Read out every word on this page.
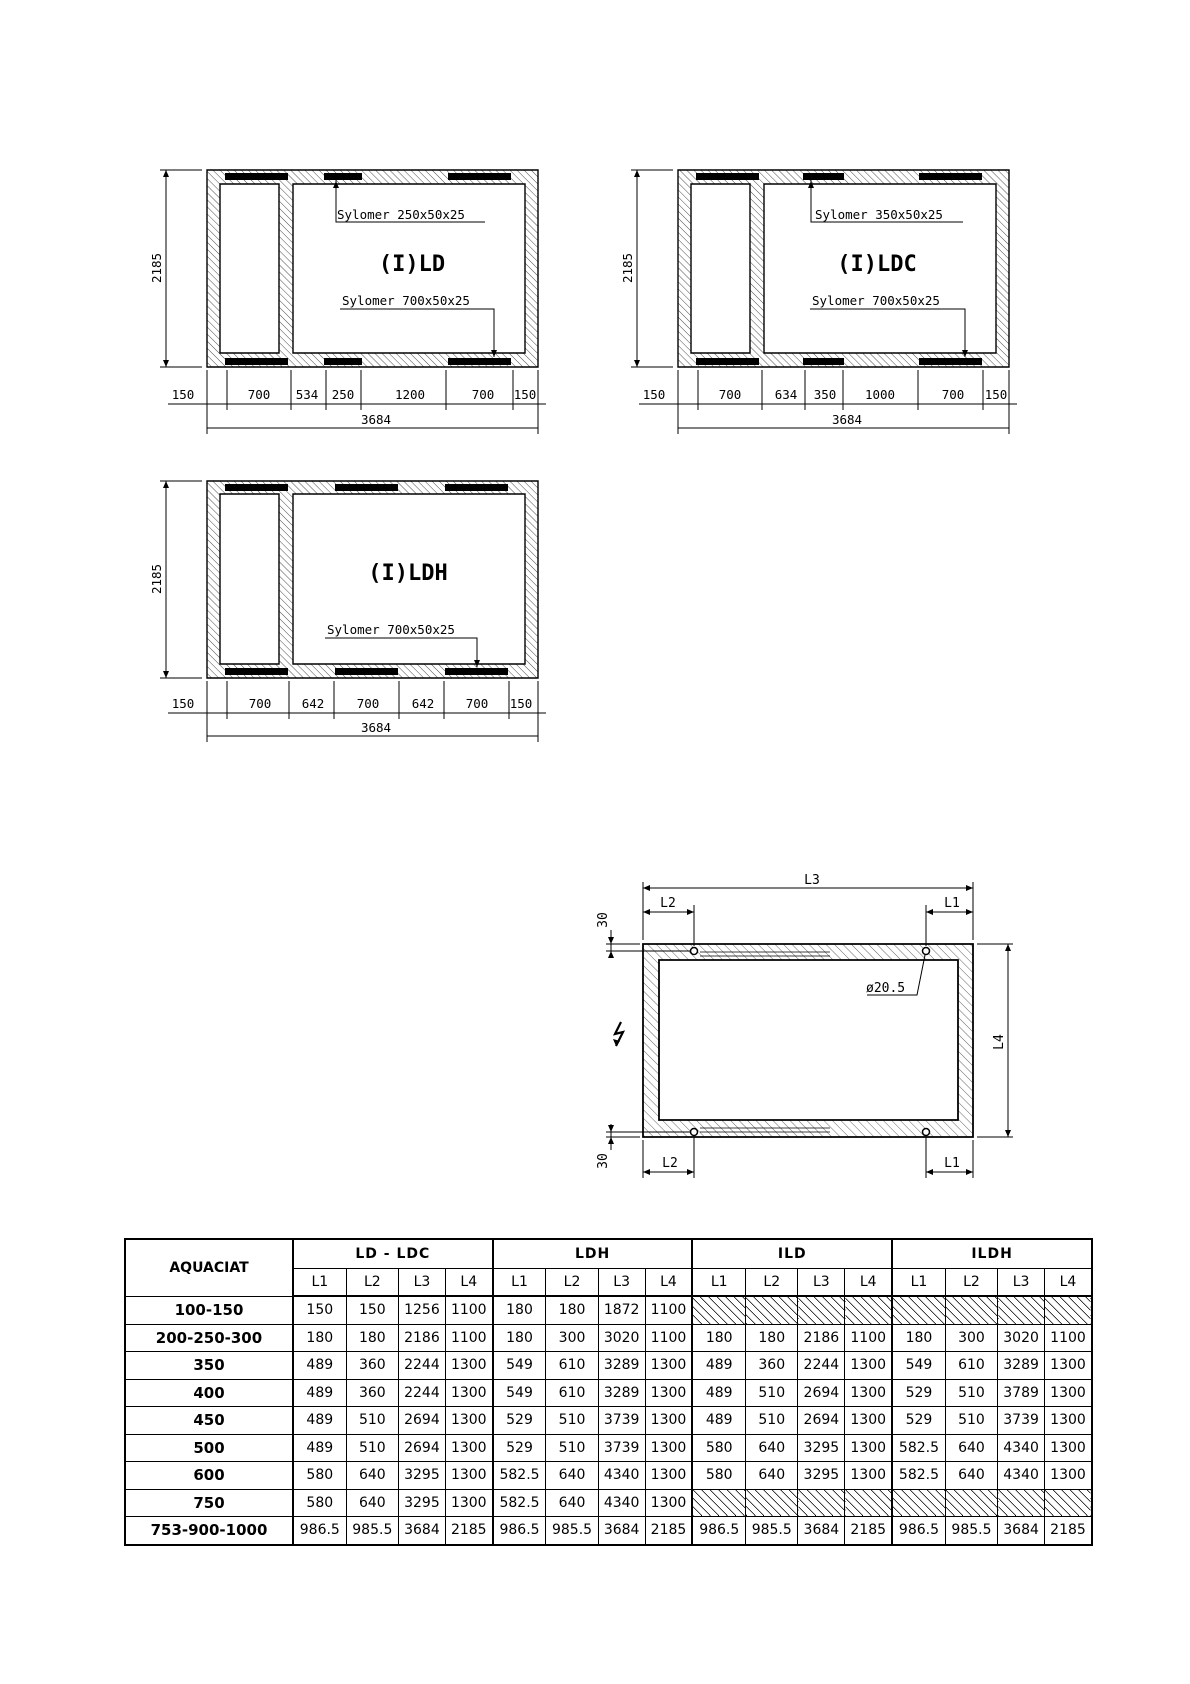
(I)LD
Sylomer 250x50x25
Sylomer 700x50x25
2185
150	700 534 250	1200	700 150
3684
(I)LDC
Sylomer 350x50x25
Sylomer 700x50x25
2185
150	700	634 350 1000	700 150
3684
(I)LDH
Sylomer 700x50x25
2185
150	700 642	700	642	700 150
3684
ø20.5
L3
L2	L1
L2	L1
L4
30
30
AQUACIAT	LD - LDC				LDH				ILD				ILDH			
	L1	L2	L3	L4	L1	L2	L3	L4	L1	L2	L3	L4	L1	L2	L3	L4
100-150	150	150	1256	1100	180	180	1872	1100								
200-250-300	180	180	2186	1100	180	300	3020	1100	180	180	2186	1100	180	300	3020	1100
350	489	360	2244	1300	549	610	3289	1300	489	360	2244	1300	549	610	3289	1300
400	489	360	2244	1300	549	610	3289	1300	489	510	2694	1300	529	510	3789	1300
450	489	510	2694	1300	529	510	3739	1300	489	510	2694	1300	529	510	3739	1300
500	489	510	2694	1300	529	510	3739	1300	580	640	3295	1300	582.5	640	4340	1300
600	580	640	3295	1300	582.5	640	4340	1300	580	640	3295	1300	582.5	640	4340	1300
750	580	640	3295	1300	582.5	640	4340	1300								
753-900-1000	986.5	985.5	3684	2185	986.5	985.5	3684	2185	986.5	985.5	3684	2185	986.5	985.5	3684	2185
